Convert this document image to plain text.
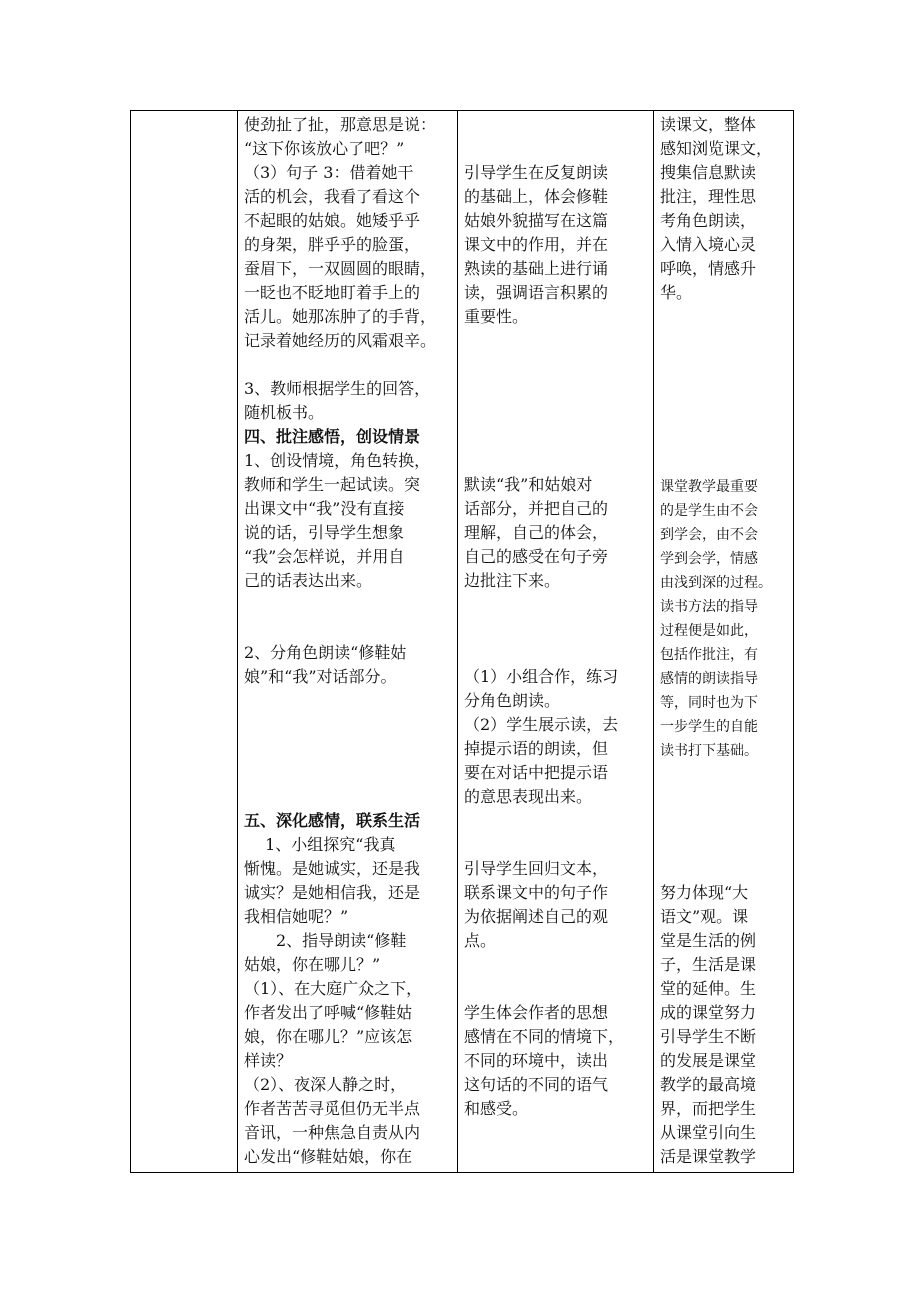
使劲扯了扯，那意思是说：
“这下你该放心了吧？”
（3）句子 3：借着她干
活的机会，我看了看这个
不起眼的姑娘。她矮乎乎
的身架，胖乎乎的脸蛋，
蚕眉下，一双圆圆的眼睛，
一眨也不眨地盯着手上的
活儿。她那冻肿了的手背，
记录着她经历的风霜艰辛。
3、教师根据学生的回答，
随机板书。
四、批注感悟，创设情景
1、创设情境，角色转换，
教师和学生一起试读。突
出课文中“我”没有直接
说的话，引导学生想象
“我”会怎样说，并用自
己的话表达出来。
2、分角色朗读“修鞋姑
娘”和“我”对话部分。
五、深化感情，联系生活
　 1、小组探究“我真
惭愧。是她诚实，还是我
诚实？是她相信我，还是
我相信她呢？”
　　2、指导朗读“修鞋
姑娘，你在哪儿？”
（1）、在大庭广众之下，
作者发出了呼喊“修鞋姑
娘，你在哪儿？”应该怎
样读？
（2）、夜深人静之时，
作者苦苦寻觅但仍无半点
音讯，一种焦急自责从内
心发出“修鞋姑娘，你在
引导学生在反复朗读
的基础上，体会修鞋
姑娘外貌描写在这篇
课文中的作用，并在
熟读的基础上进行诵
读，强调语言积累的
重要性。
默读“我”和姑娘对
话部分，并把自己的
理解，自己的体会，
自己的感受在句子旁
边批注下来。
（1）小组合作，练习
分角色朗读。
（2）学生展示读，去
掉提示语的朗读，但
要在对话中把提示语
的意思表现出来。
引导学生回归文本，
联系课文中的句子作
为依据阐述自己的观
点。
学生体会作者的思想
感情在不同的情境下，
不同的环境中，读出
这句话的不同的语气
和感受。
读课文，整体
感知浏览课文，
搜集信息默读
批注，理性思
考角色朗读，
入情入境心灵
呼唤，情感升
华。
课堂教学最重要
的是学生由不会
到学会，由不会
学到会学，情感
由浅到深的过程。
读书方法的指导
过程便是如此，
包括作批注，有
感情的朗读指导
等，同时也为下
一步学生的自能
读书打下基础。
努力体现“大
语文”观。课
堂是生活的例
子，生活是课
堂的延伸。生
成的课堂努力
引导学生不断
的发展是课堂
教学的最高境
界，而把学生
从课堂引向生
活是课堂教学
